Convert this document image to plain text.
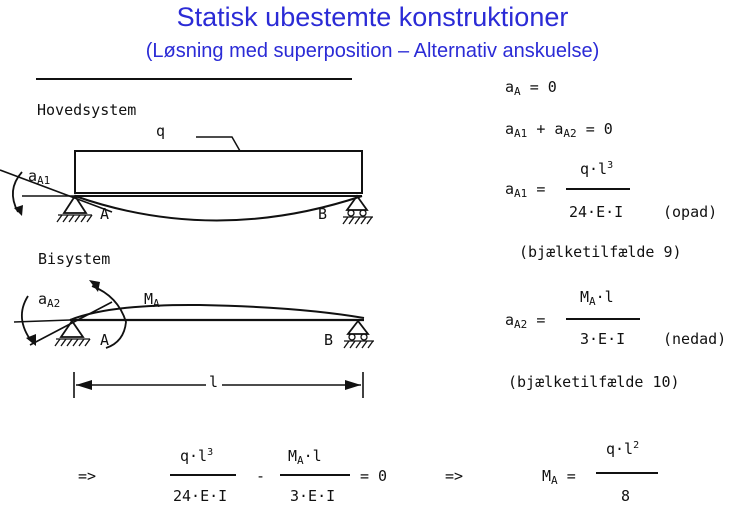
Statisk ubestemte konstruktioner
(Løsning med superposition – Alternativ anskuelse)
Hovedsystem
q
$a_{A1}$
A	B
Bisystem
$a_{A2}$	$M_A$
A	B
l
$a_A = 0$
$a_{A1} + a_{A2} = 0$
$a_{A1}$ =
$q\cdot l^3$
24·E·I	(opad)
(bjælketilfælde 9)
$a_{A2}$ =
$M_A\cdot l$
3·E·I	(nedad)
(bjælketilfælde 10)
=>
$q\cdot l^3$
24·E·I
-
$M_A\cdot l$
3·E·I
= 0	=>	$M_A$ =
$q\cdot l^2$
8
